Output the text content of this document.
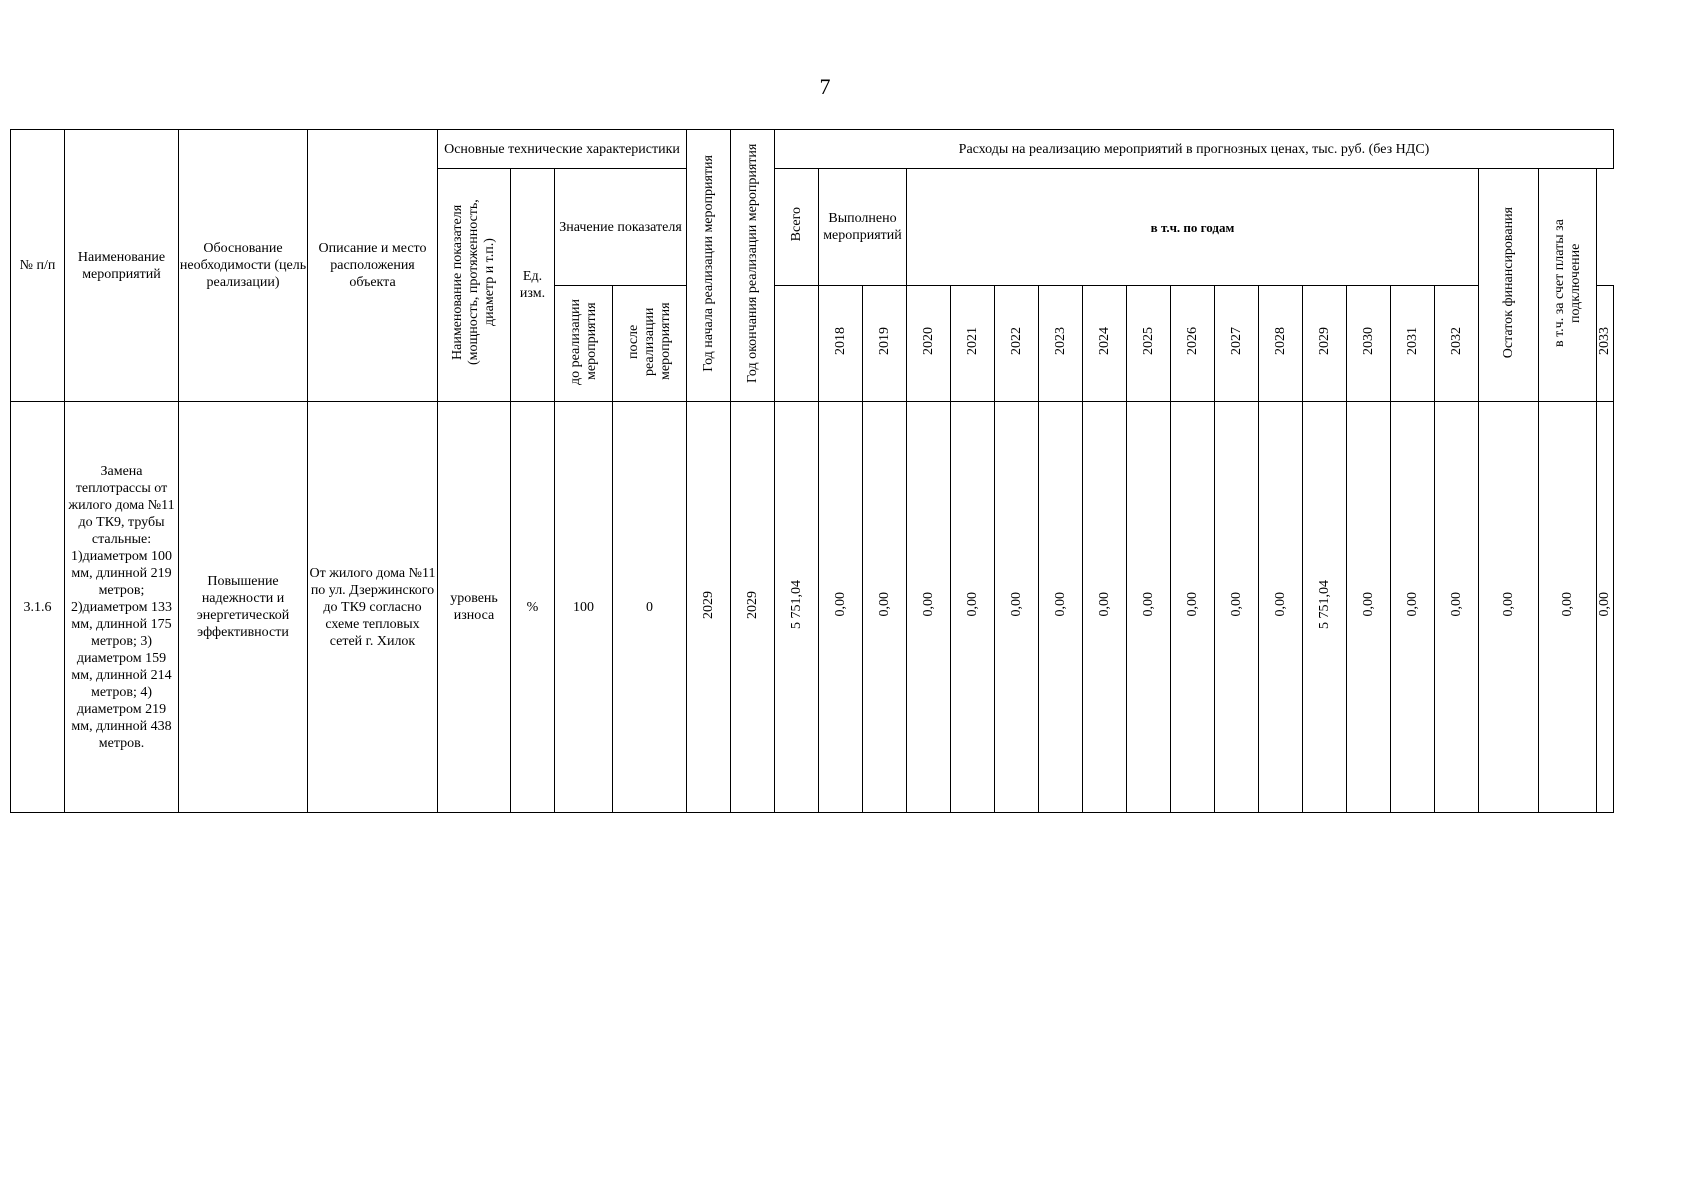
7
№ п/п	Наименование мероприятий	Обоснование необходимости (цель реализации)	Описание и место расположения объекта	Основные технические характеристики				Год начала реализации мероприятия	Год окончания реализации мероприятия	Расходы на реализацию мероприятий в прогнозных ценах, тыс. руб. (без НДС)																		
				Наименование показателя (мощность, протяженность, диаметр и т.п.)	Ед. изм.	Значение показателя				Всего	Выполнено мероприятий		в т.ч. по годам													Остаток финансирования	в т.ч. за счет платы за подключение	
						до реализации мероприятия	после реализации мероприятия				2018	2019	2020	2021	2022	2023	2024	2025	2026	2027	2028	2029	2030	2031	2032			2033
3.1.6	Замена теплотрассы от жилого дома №11 до ТК9, трубы стальные: 1)диаметром 100 мм, длинной 219 метров; 2)диаметром 133 мм, длинной 175 метров; 3) диаметром 159 мм, длинной 214 метров; 4) диаметром 219 мм, длинной 438 метров.	Повышение надежности и энергетической эффективности	От жилого дома №11 по ул. Дзержинского до ТК9 согласно схеме тепловых сетей г. Хилок	уровень износа	%	100	0	2029	2029	5 751,04	0,00	0,00	0,00	0,00	0,00	0,00	0,00	0,00	0,00	0,00	0,00	5 751,04	0,00	0,00	0,00	0,00	0,00	0,00
